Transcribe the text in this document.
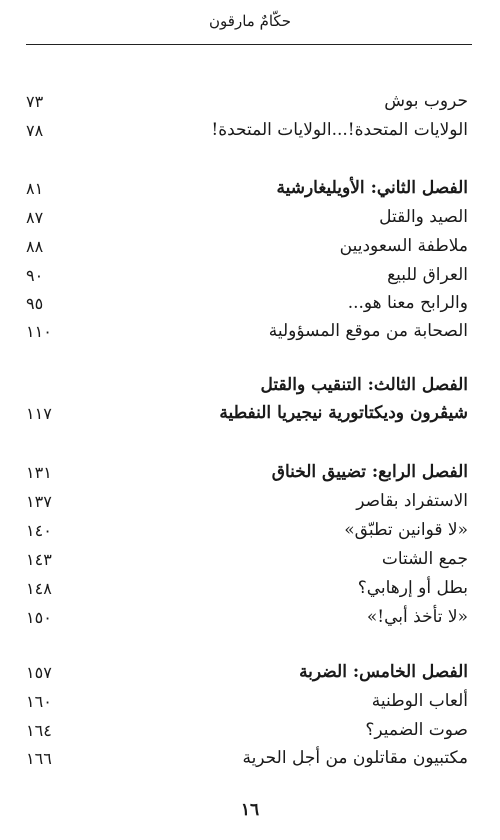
حكّامٌ مارقون
حروب بوش
٧٣
الولايات المتحدة!...الولايات المتحدة!
٧٨
الفصل الثاني: الأويليغارشية
٨١
الصيد والقتل
٨٧
ملاطفة السعوديين
٨٨
العراق للبيع
٩٠
والرابح معنا هو...
٩٥
الصحابة من موقع المسؤولية
١١٠
الفصل الثالث: التنقيب والقتل
شيڤرون وديكتاتورية نيجيريا النفطية
١١٧
الفصل الرابع: تضييق الخناق
١٣١
الاستفراد بقاصر
١٣٧
«لا قوانين تطبّق»
١٤٠
جمع الشتات
١٤٣
بطل أو إرهابي؟
١٤٨
«لا تأخذ أبي!»
١٥٠
الفصل الخامس: الضربة
١٥٧
ألعاب الوطنية
١٦٠
صوت الضمير؟
١٦٤
مكتبيون مقاتلون من أجل الحرية
١٦٦
١٦
